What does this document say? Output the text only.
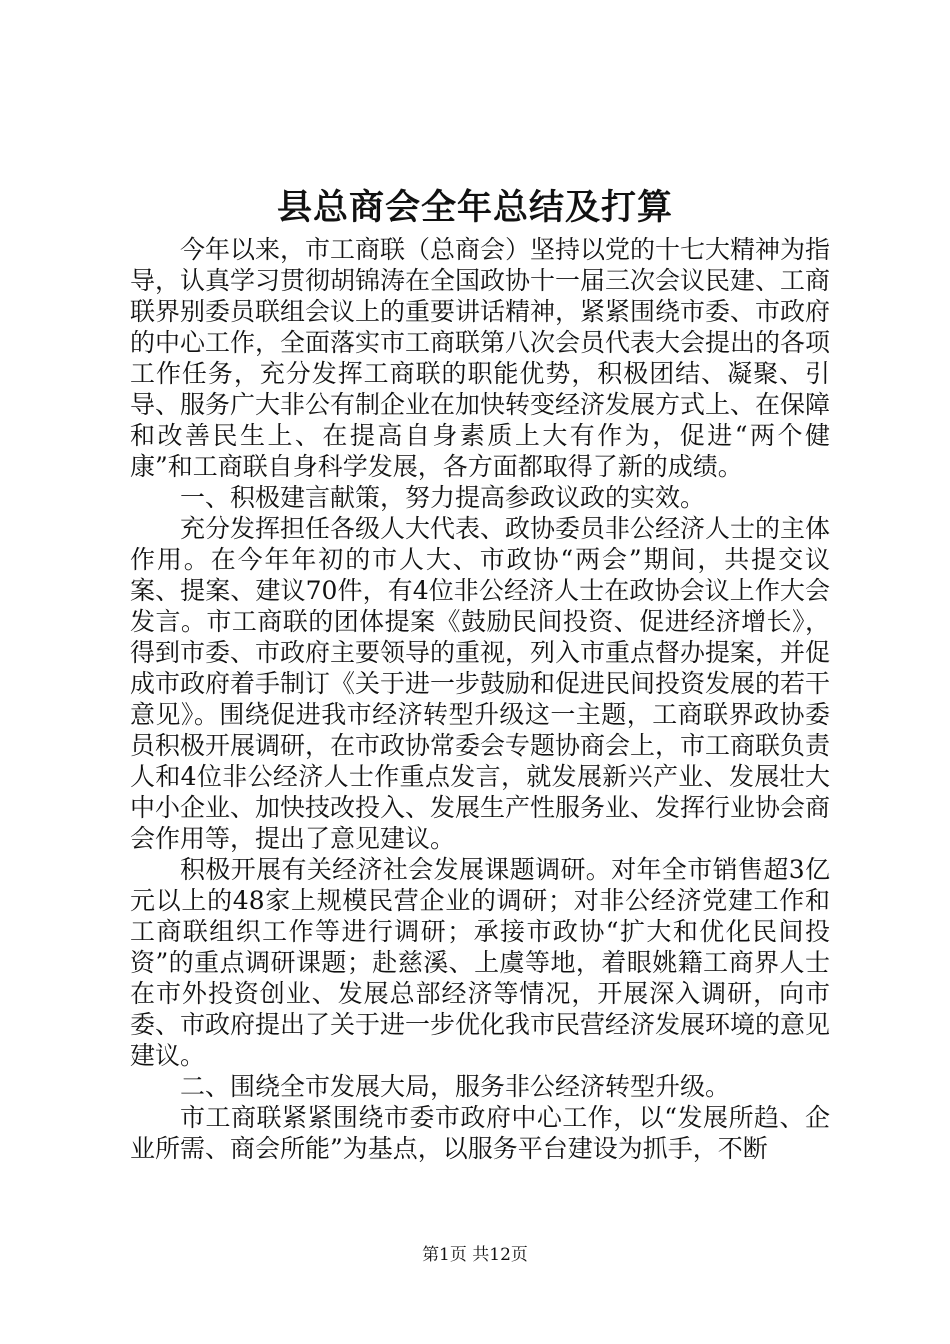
县总商会全年总结及打算

今年以来，市工商联（总商会）坚持以党的十七大精神为指导，认真学习贯彻胡锦涛在全国政协十一届三次会议民建、工商联界别委员联组会议上的重要讲话精神，紧紧围绕市委、市政府的中心工作，全面落实市工商联第八次会员代表大会提出的各项工作任务，充分发挥工商联的职能优势，积极团结、凝聚、引导、服务广大非公有制企业在加快转变经济发展方式上、在保障和改善民生上、在提高自身素质上大有作为，促进“两个健康”和工商联自身科学发展，各方面都取得了新的成绩。

一、积极建言献策，努力提高参政议政的实效。

充分发挥担任各级人大代表、政协委员非公经济人士的主体作用。在今年年初的市人大、市政协“两会”期间，共提交议案、提案、建议70件，有4位非公经济人士在政协会议上作大会发言。市工商联的团体提案《鼓励民间投资、促进经济增长》，得到市委、市政府主要领导的重视，列入市重点督办提案，并促成市政府着手制订《关于进一步鼓励和促进民间投资发展的若干意见》。围绕促进我市经济转型升级这一主题，工商联界政协委员积极开展调研，在市政协常委会专题协商会上，市工商联负责人和4位非公经济人士作重点发言，就发展新兴产业、发展壮大中小企业、加快技改投入、发展生产性服务业、发挥行业协会商会作用等，提出了意见建议。

积极开展有关经济社会发展课题调研。对年全市销售超3亿元以上的48家上规模民营企业的调研；对非公经济党建工作和工商联组织工作等进行调研；承接市政协“扩大和优化民间投资”的重点调研课题；赴慈溪、上虞等地，着眼姚籍工商界人士在市外投资创业、发展总部经济等情况，开展深入调研，向市委、市政府提出了关于进一步优化我市民营经济发展环境的意见建议。

二、围绕全市发展大局，服务非公经济转型升级。

市工商联紧紧围绕市委市政府中心工作，以“发展所趋、企业所需、商会所能”为基点，以服务平台建设为抓手，不断

第1页 共12页
